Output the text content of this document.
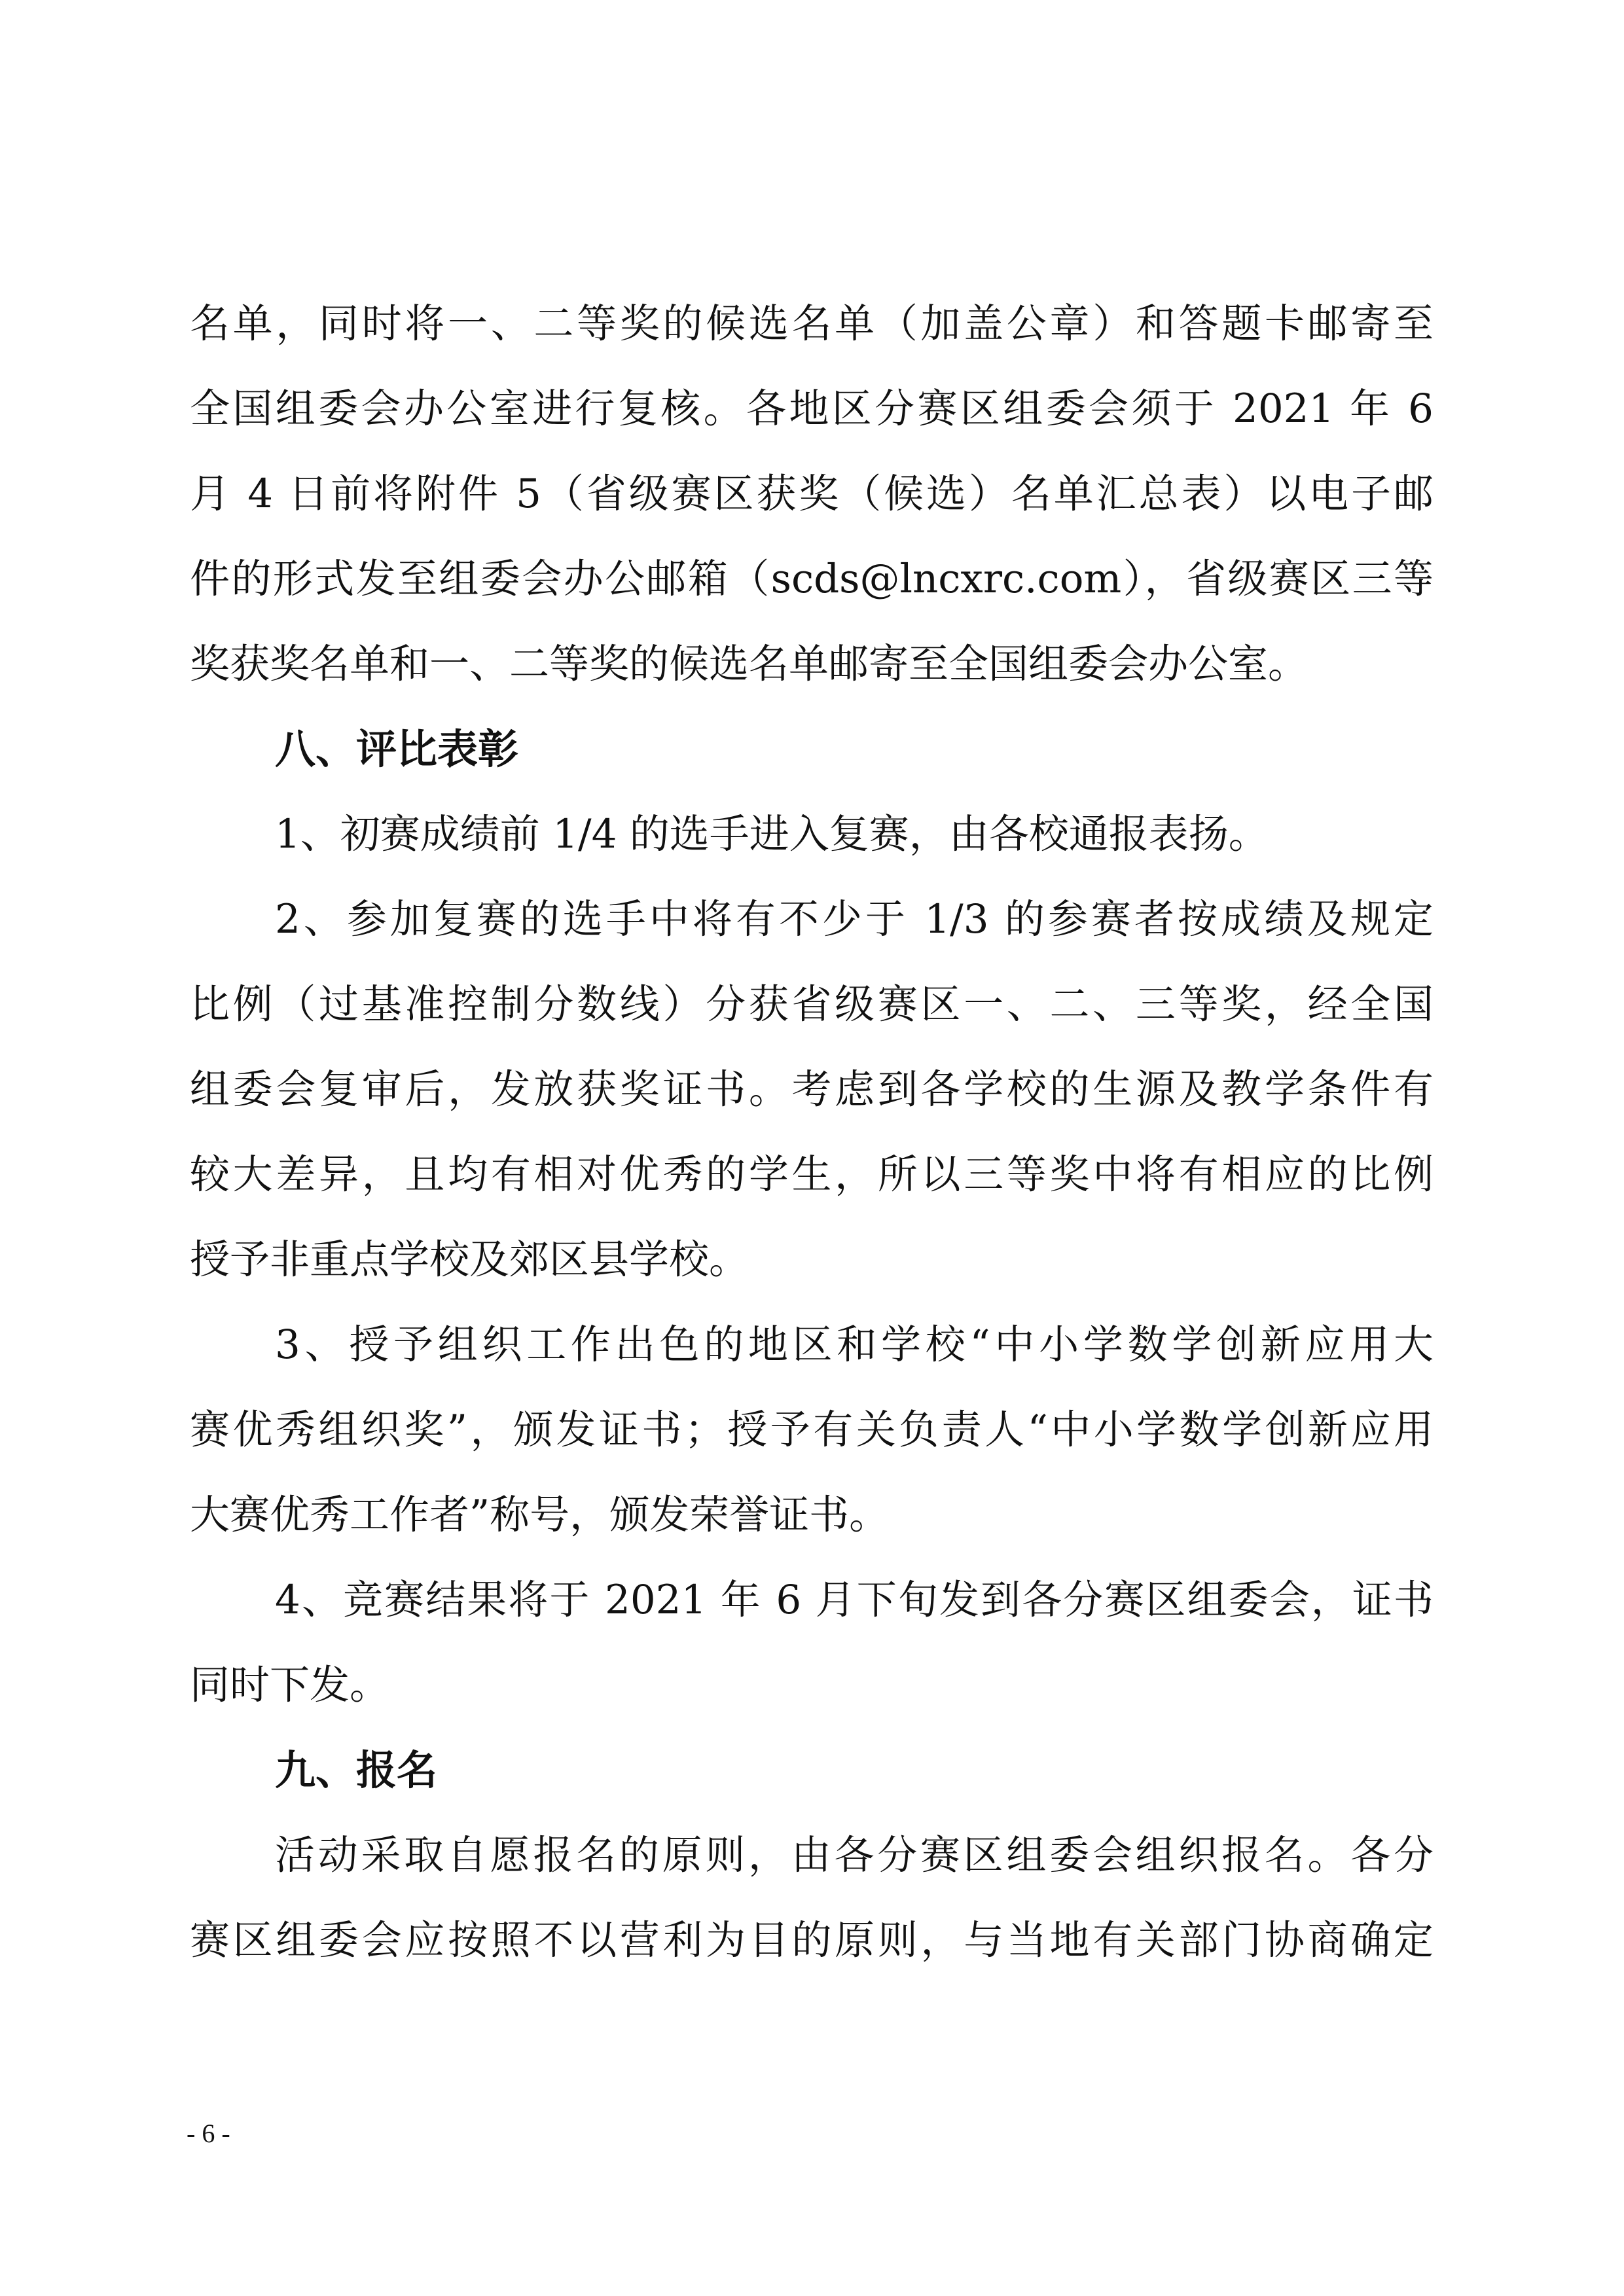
名单，同时将一、二等奖的候选名单（加盖公章）和答题卡邮寄至
全国组委会办公室进行复核。各地区分赛区组委会须于 2021 年 6
月 4 日前将附件 5（省级赛区获奖（候选）名单汇总表）以电子邮
件的形式发至组委会办公邮箱（scds@lncxrc.com），省级赛区三等
奖获奖名单和一、二等奖的候选名单邮寄至全国组委会办公室。
八、评比表彰
1、初赛成绩前 1/4 的选手进入复赛，由各校通报表扬。
2、参加复赛的选手中将有不少于 1/3 的参赛者按成绩及规定
比例（过基准控制分数线）分获省级赛区一、二、三等奖，经全国
组委会复审后，发放获奖证书。考虑到各学校的生源及教学条件有
较大差异，且均有相对优秀的学生，所以三等奖中将有相应的比例
授予非重点学校及郊区县学校。
3、授予组织工作出色的地区和学校“中小学数学创新应用大
赛优秀组织奖”，颁发证书；授予有关负责人“中小学数学创新应用
大赛优秀工作者”称号，颁发荣誉证书。
4、竞赛结果将于 2021 年 6 月下旬发到各分赛区组委会，证书
同时下发。
九、报名
活动采取自愿报名的原则，由各分赛区组委会组织报名。各分
赛区组委会应按照不以营利为目的原则，与当地有关部门协商确定
- 6 -
